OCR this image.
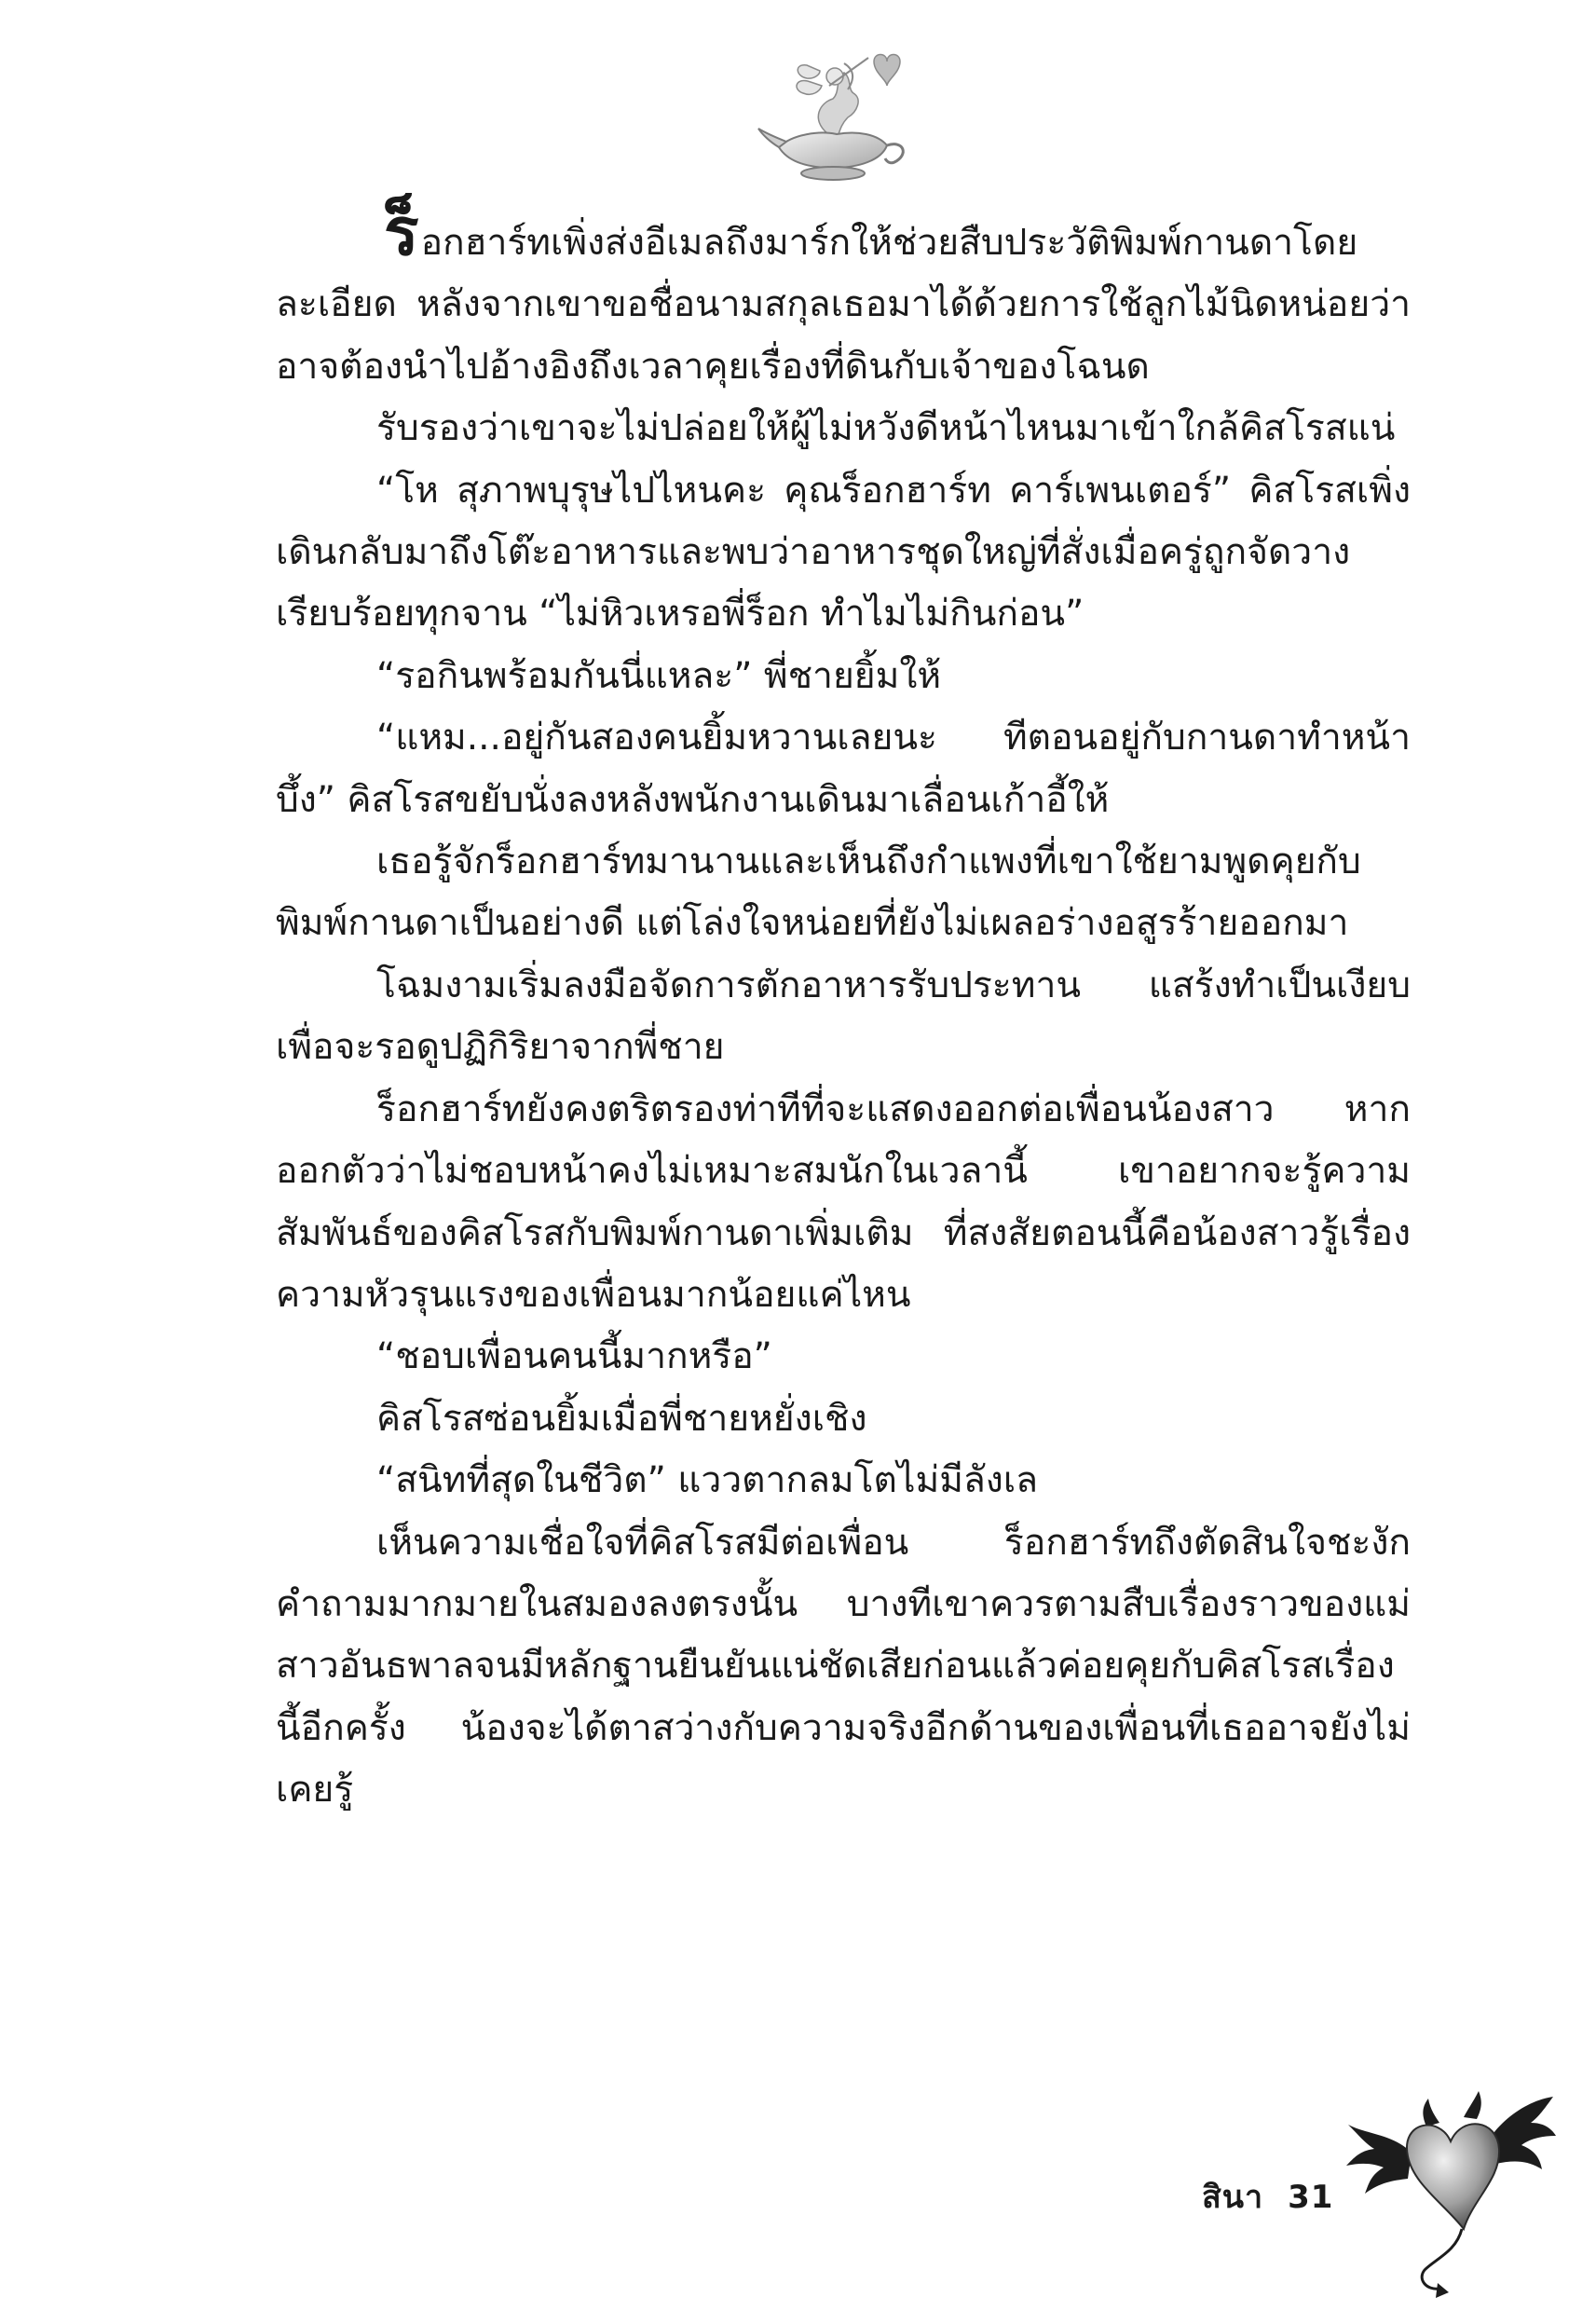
ร็อกฮาร์ทเพิ่งส่งอีเมลถึงมาร์กให้ช่วยสืบประวัติพิมพ์กานดาโดยละเอียด หลังจากเขาขอชื่อนามสกุลเธอมาได้ด้วยการใช้ลูกไม้นิดหน่อยว่าอาจต้องนำไปอ้างอิงถึงเวลาคุยเรื่องที่ดินกับเจ้าของโฉนด

รับรองว่าเขาจะไม่ปล่อยให้ผู้ไม่หวังดีหน้าไหนมาเข้าใกล้คิสโรสแน่

“โห สุภาพบุรุษไปไหนคะ คุณร็อกฮาร์ท คาร์เพนเตอร์” คิสโรสเพิ่งเดินกลับมาถึงโต๊ะอาหารและพบว่าอาหารชุดใหญ่ที่สั่งเมื่อครู่ถูกจัดวางเรียบร้อยทุกจาน “ไม่หิวเหรอพี่ร็อก ทำไมไม่กินก่อน”

“รอกินพร้อมกันนี่แหละ” พี่ชายยิ้มให้

“แหม...อยู่กันสองคนยิ้มหวานเลยนะ ทีตอนอยู่กับกานดาทำหน้าบึ้ง” คิสโรสขยับนั่งลงหลังพนักงานเดินมาเลื่อนเก้าอี้ให้

เธอรู้จักร็อกฮาร์ทมานานและเห็นถึงกำแพงที่เขาใช้ยามพูดคุยกับพิมพ์กานดาเป็นอย่างดี แต่โล่งใจหน่อยที่ยังไม่เผลอร่างอสูรร้ายออกมา

โฉมงามเริ่มลงมือจัดการตักอาหารรับประทาน แสร้งทำเป็นเงียบเพื่อจะรอดูปฏิกิริยาจากพี่ชาย

ร็อกฮาร์ทยังคงตริตรองท่าทีที่จะแสดงออกต่อเพื่อนน้องสาว หากออกตัวว่าไม่ชอบหน้าคงไม่เหมาะสมนักในเวลานี้ เขาอยากจะรู้ความสัมพันธ์ของคิสโรสกับพิมพ์กานดาเพิ่มเติม ที่สงสัยตอนนี้คือน้องสาวรู้เรื่องความหัวรุนแรงของเพื่อนมากน้อยแค่ไหน

“ชอบเพื่อนคนนี้มากหรือ”

คิสโรสซ่อนยิ้มเมื่อพี่ชายหยั่งเชิง

“สนิทที่สุดในชีวิต” แววตากลมโตไม่มีลังเล

เห็นความเชื่อใจที่คิสโรสมีต่อเพื่อน ร็อกฮาร์ทถึงตัดสินใจชะงักคำถามมากมายในสมองลงตรงนั้น บางทีเขาควรตามสืบเรื่องราวของแม่สาวอันธพาลจนมีหลักฐานยืนยันแน่ชัดเสียก่อนแล้วค่อยคุยกับคิสโรสเรื่องนี้อีกครั้ง น้องจะได้ตาสว่างกับความจริงอีกด้านของเพื่อนที่เธออาจยังไม่เคยรู้

สินา 31
